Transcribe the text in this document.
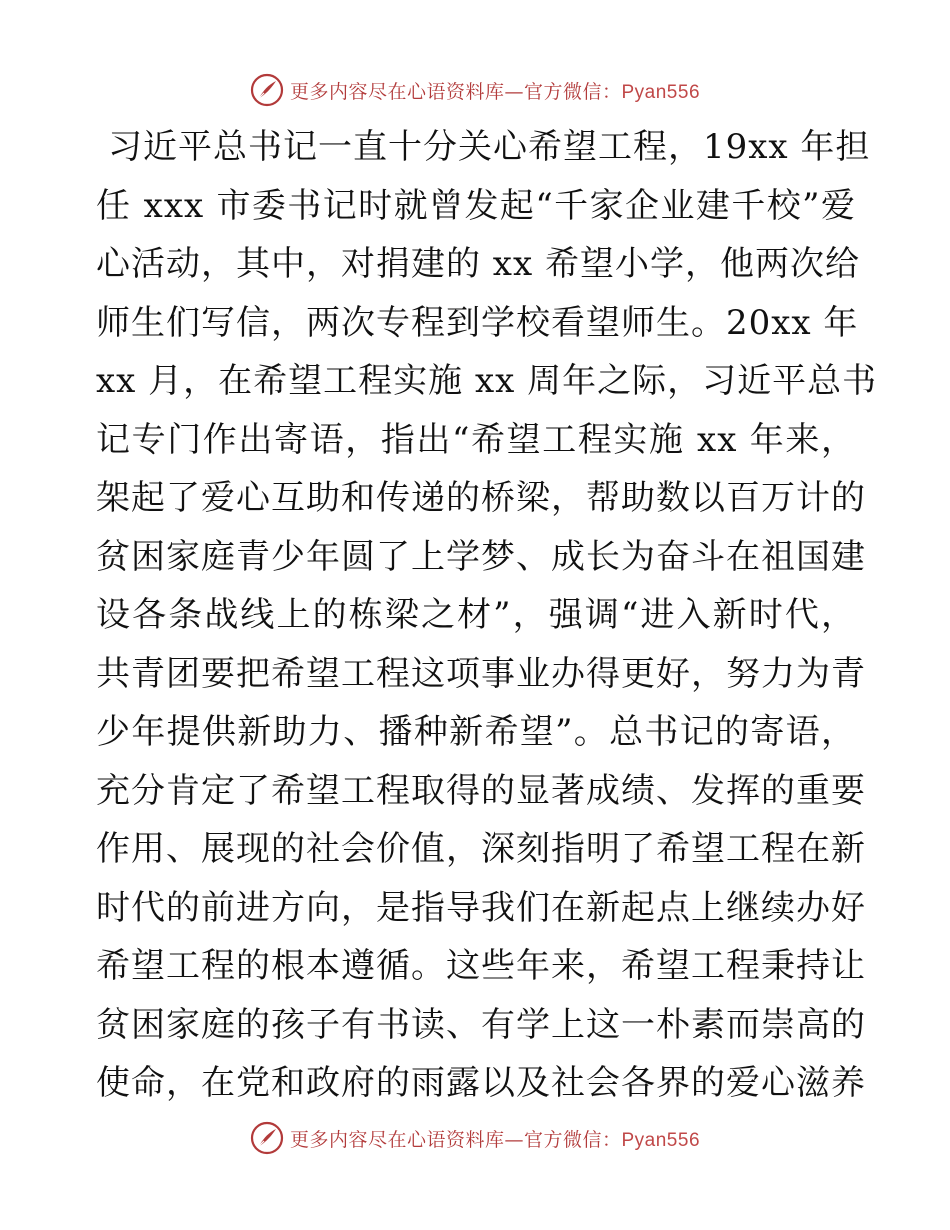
更多内容尽在心语资料库—官方微信：Pyan556
习近平总书记一直十分关心希望工程，19xx 年担
任 xxx 市委书记时就曾发起“千家企业建千校”爱
心活动，其中，对捐建的 xx 希望小学，他两次给
师生们写信，两次专程到学校看望师生。20xx 年
xx 月，在希望工程实施 xx 周年之际，习近平总书
记专门作出寄语，指出“希望工程实施 xx 年来，
架起了爱心互助和传递的桥梁，帮助数以百万计的
贫困家庭青少年圆了上学梦、成长为奋斗在祖国建
设各条战线上的栋梁之材”，强调“进入新时代，
共青团要把希望工程这项事业办得更好，努力为青
少年提供新助力、播种新希望”。总书记的寄语，
充分肯定了希望工程取得的显著成绩、发挥的重要
作用、展现的社会价值，深刻指明了希望工程在新
时代的前进方向，是指导我们在新起点上继续办好
希望工程的根本遵循。这些年来，希望工程秉持让
贫困家庭的孩子有书读、有学上这一朴素而崇高的
使命，在党和政府的雨露以及社会各界的爱心滋养
更多内容尽在心语资料库—官方微信：Pyan556
